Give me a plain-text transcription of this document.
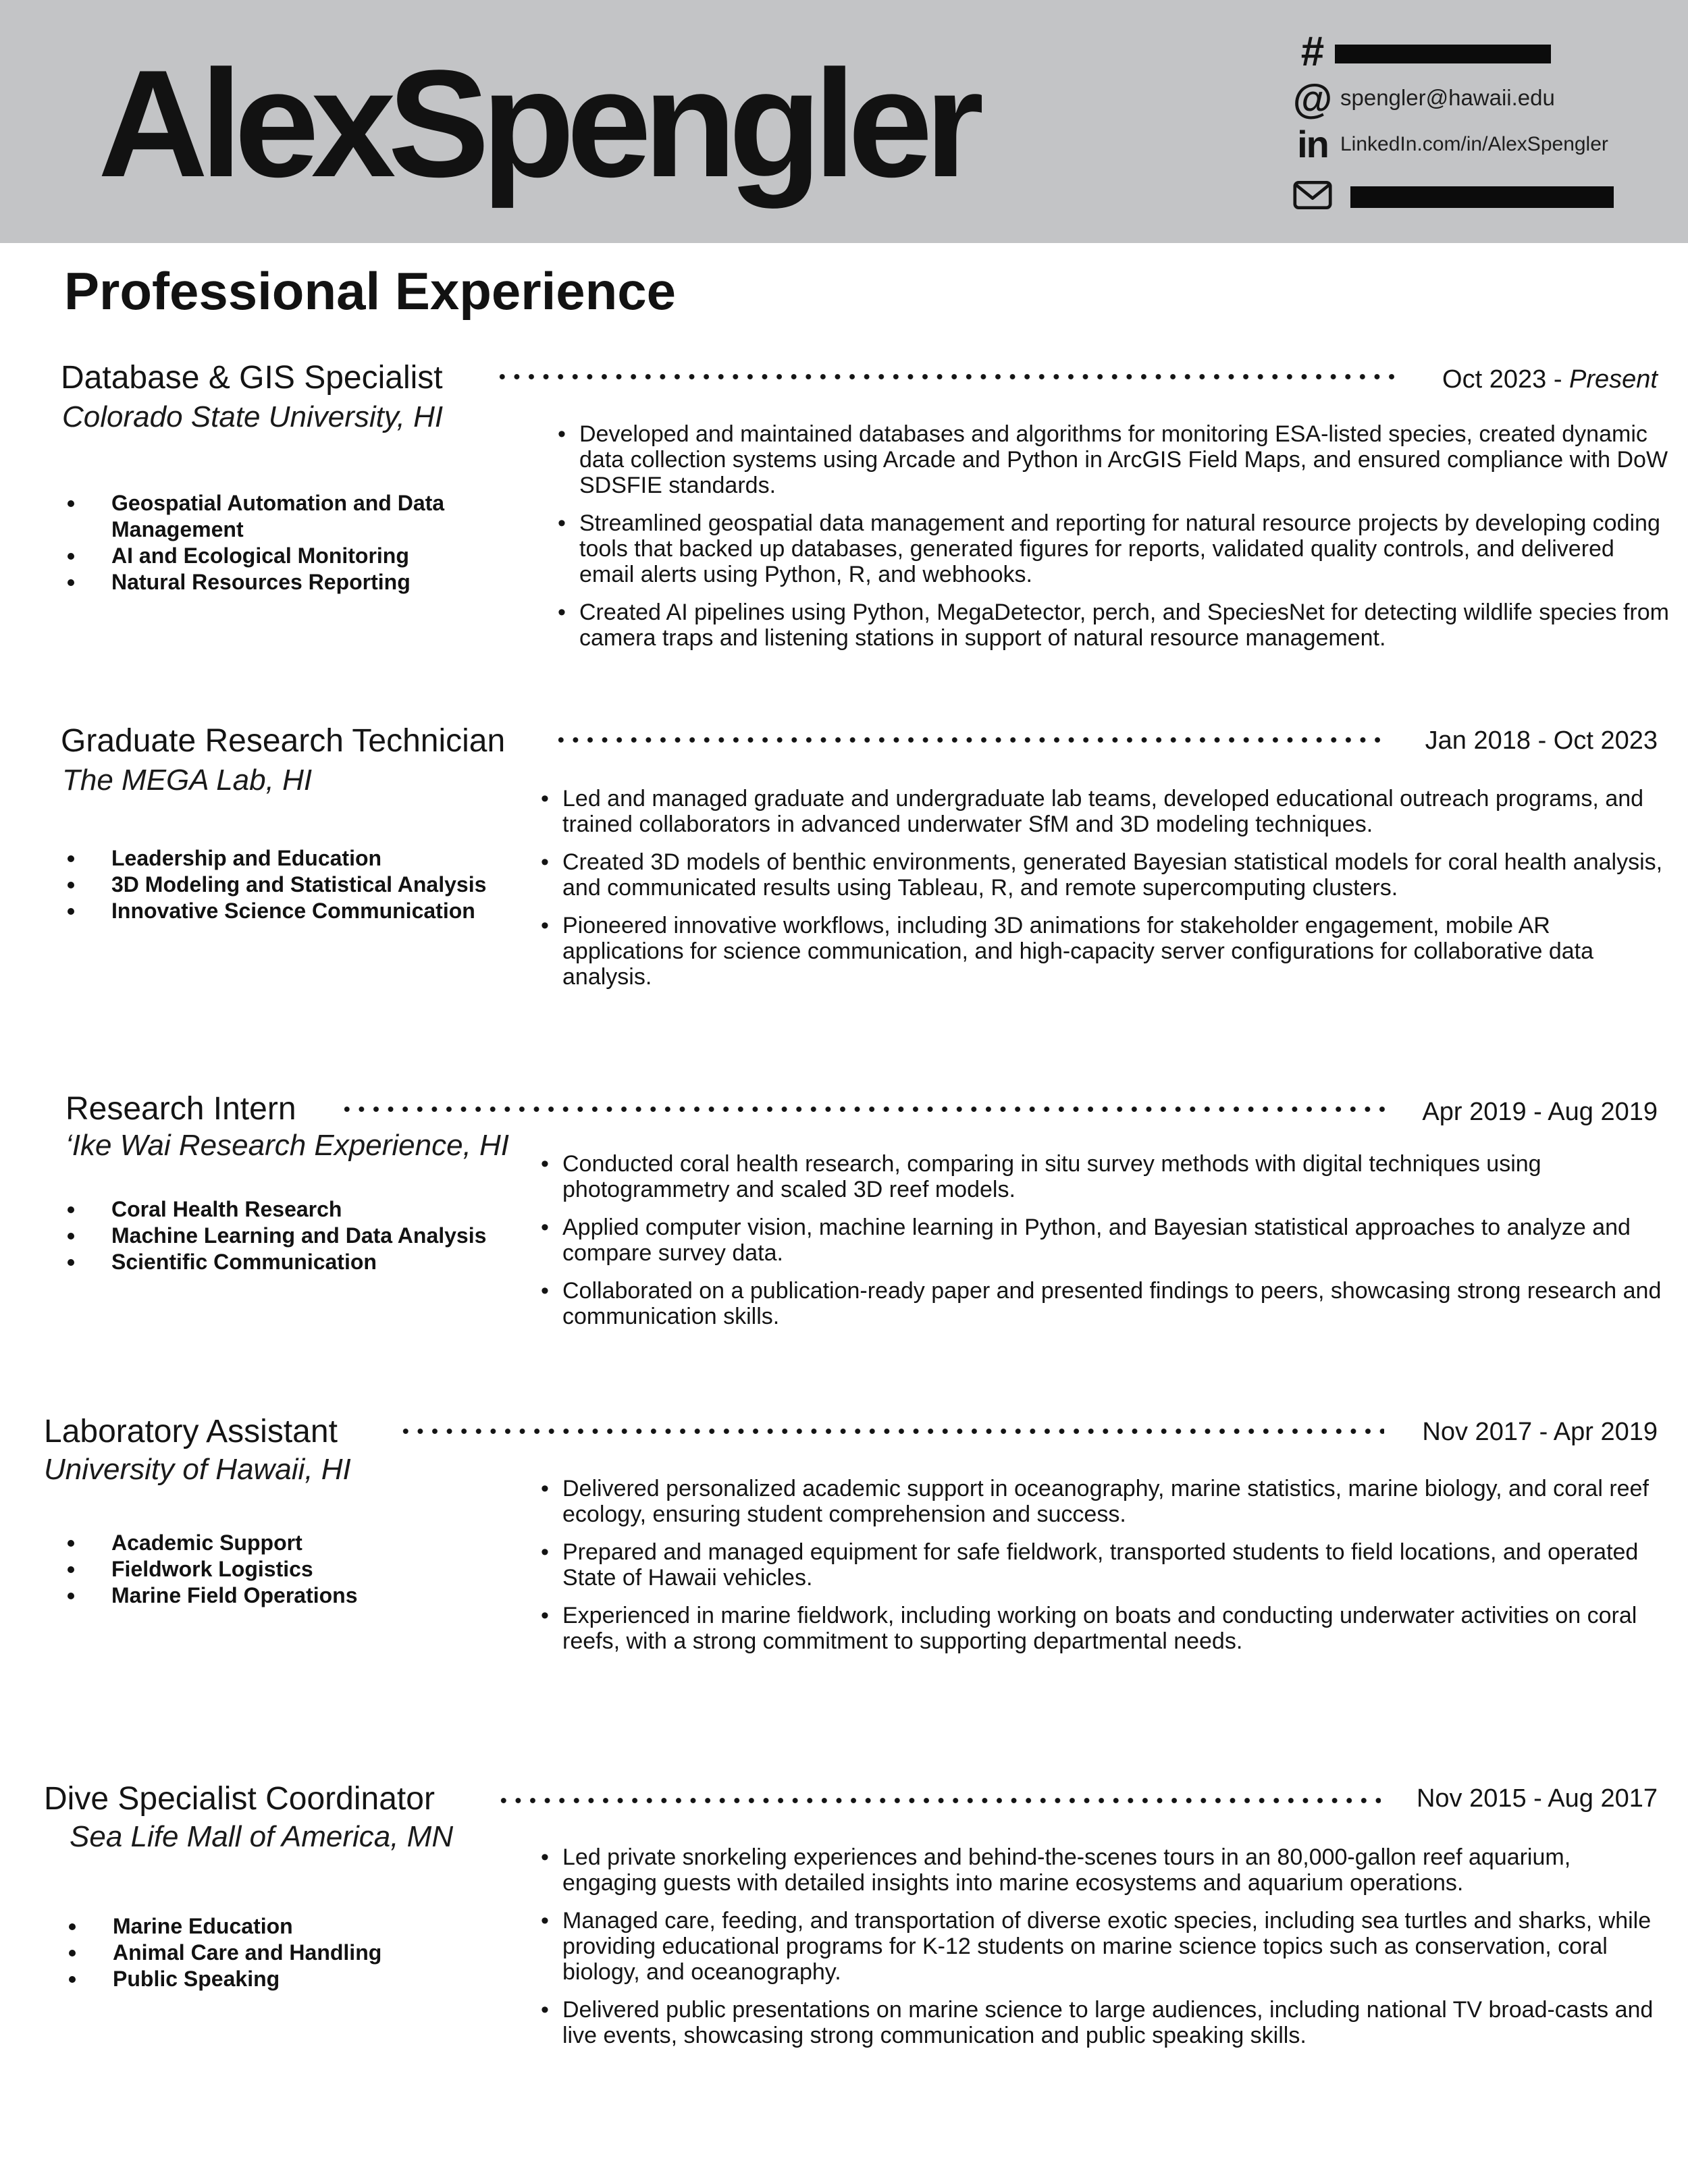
AlexSpengler	#
@ spengler@hawaii.edu
in LinkedIn.com/in/AlexSpengler
Professional Experience
Database & GIS Specialist	Oct 2023 - Present
Colorado State University, HI
Geospatial Automation and Data Management
AI and Ecological Monitoring
Natural Resources Reporting
• Developed and maintained databases and algorithms for monitoring ESA-listed species, created dynamic data collection systems using Arcade and Python in ArcGIS Field Maps, and ensured compliance with DoW SDSFIE standards.
• Streamlined geospatial data management and reporting for natural resource projects by developing coding tools that backed up databases, generated figures for reports, validated quality controls, and delivered email alerts using Python, R, and webhooks.
• Created AI pipelines using Python, MegaDetector, perch, and SpeciesNet for detecting wildlife species from camera traps and listening stations in support of natural resource management.
Graduate Research Technician	Jan 2018 - Oct 2023
The MEGA Lab, HI
Leadership and Education
3D Modeling and Statistical Analysis
Innovative Science Communication
• Led and managed graduate and undergraduate lab teams, developed educational outreach programs, and trained collaborators in advanced underwater SfM and 3D modeling techniques.
• Created 3D models of benthic environments, generated Bayesian statistical models for coral health analysis, and communicated results using Tableau, R, and remote supercomputing clusters.
• Pioneered innovative workflows, including 3D animations for stakeholder engagement, mobile AR applications for science communication, and high-capacity server configurations for collaborative data analysis.
Research Intern	Apr 2019 - Aug 2019
‘Ike Wai Research Experience, HI
Coral Health Research
Machine Learning and Data Analysis
Scientific Communication
• Conducted coral health research, comparing in situ survey methods with digital techniques using photogrammetry and scaled 3D reef models.
• Applied computer vision, machine learning in Python, and Bayesian statistical approaches to analyze and compare survey data.
• Collaborated on a publication-ready paper and presented findings to peers, showcasing strong research and communication skills.
Laboratory Assistant	Nov 2017 - Apr 2019
University of Hawaii, HI
Academic Support
Fieldwork Logistics
Marine Field Operations
• Delivered personalized academic support in oceanography, marine statistics, marine biology, and coral reef ecology, ensuring student comprehension and success.
• Prepared and managed equipment for safe fieldwork, transported students to field locations, and operated State of Hawaii vehicles.
• Experienced in marine fieldwork, including working on boats and conducting underwater activities on coral reefs, with a strong commitment to supporting departmental needs.
Dive Specialist Coordinator	Nov 2015 - Aug 2017
Sea Life Mall of America, MN
Marine Education
Animal Care and Handling
Public Speaking
• Led private snorkeling experiences and behind-the-scenes tours in an 80,000-gallon reef aquarium, engaging guests with detailed insights into marine ecosystems and aquarium operations.
• Managed care, feeding, and transportation of diverse exotic species, including sea turtles and sharks, while providing educational programs for K-12 students on marine science topics such as conservation, coral biology, and oceanography.
• Delivered public presentations on marine science to large audiences, including national TV broad-casts and live events, showcasing strong communication and public speaking skills.
